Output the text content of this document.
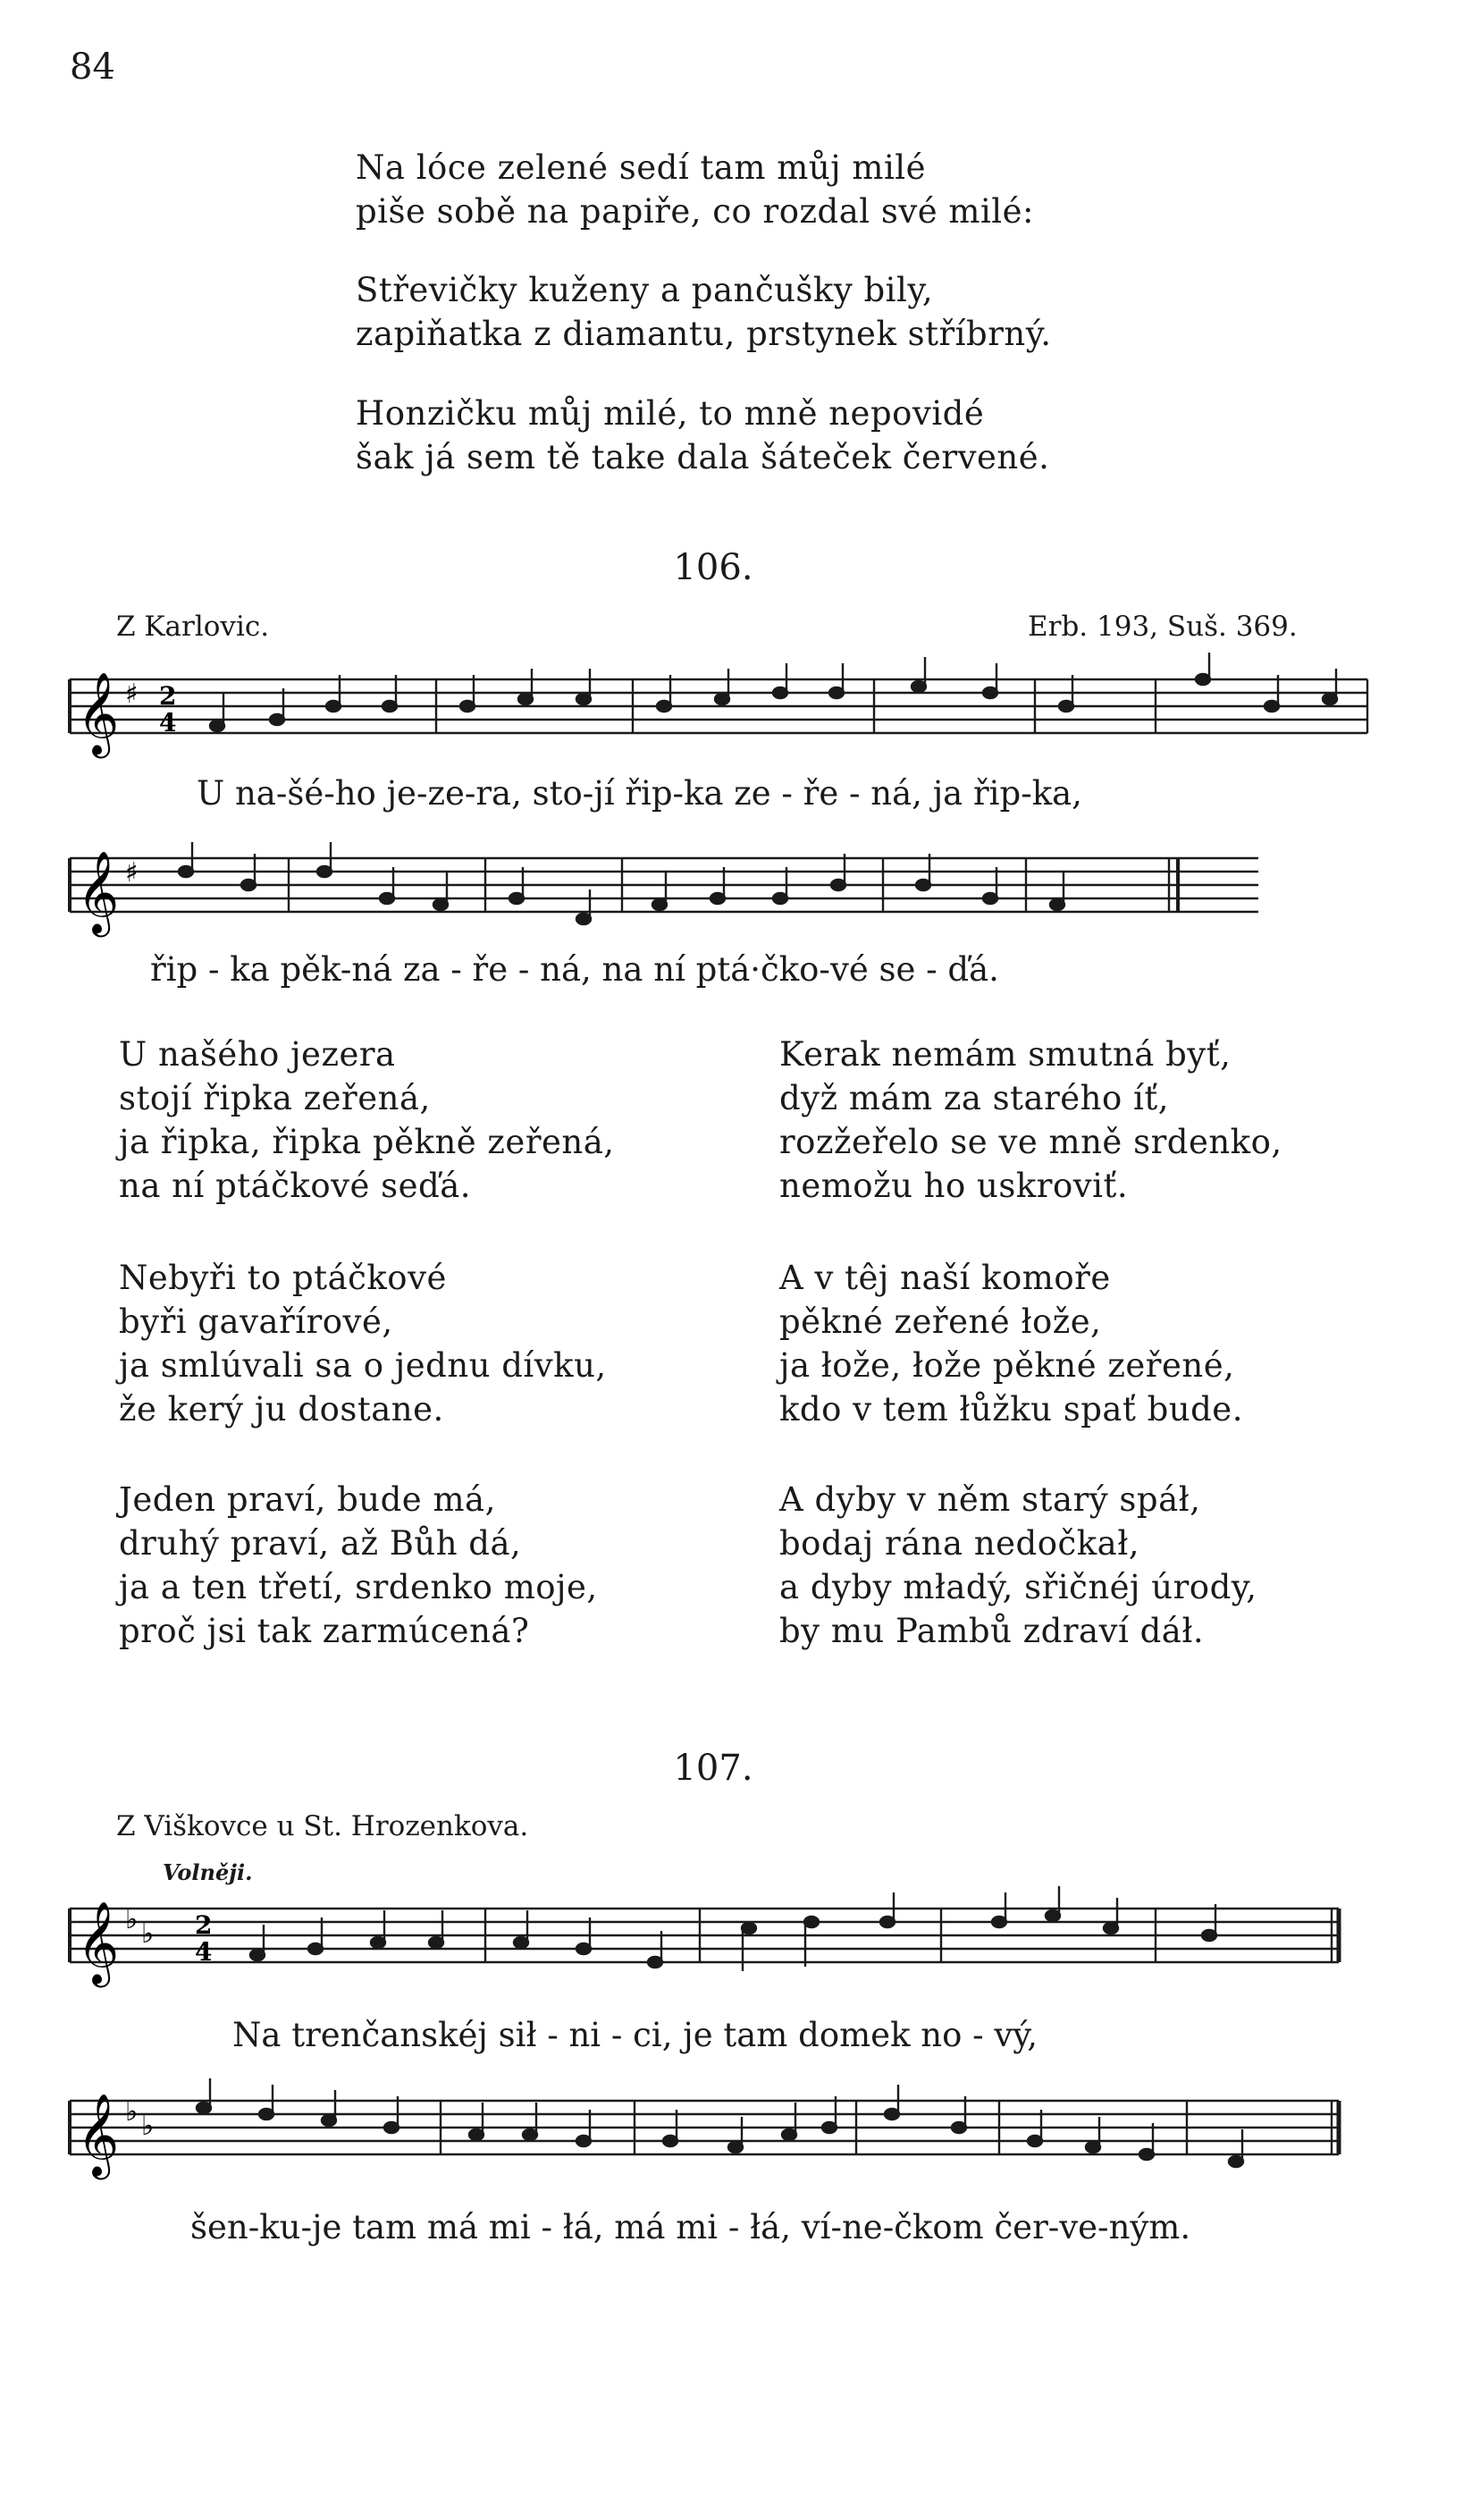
84
Na lóce zelené sedí tam můj milé
piše sobě na papiře, co rozdal své milé:
Střevičky kuženy a pančušky bily,
zapiňatka z diamantu, prstynek stříbrný.
Honzičku můj milé, to mně nepovidé
šak já sem tě take dala šáteček červené.
106.
Z Karlovic.	Erb. 193, Suš. 369.
𝄞 ♯ 2
4
U na-šé-ho je-ze-ra, sto-jí řip-ka ze - ře - ná, ja řip-ka,
𝄞 ♯
řip - ka pěk-ná za - ře - ná, na ní ptá·čko-vé se - ďá.
U našého jezera
stojí řipka zeřená,
ja řipka, řipka pěkně zeřená,
na ní ptáčkové seďá.
Nebyři to ptáčkové
byři gavařírové,
ja smlúvali sa o jednu dívku,
že kerý ju dostane.
Jeden praví, bude má,
druhý praví, až Bůh dá,
ja a ten třetí, srdenko moje,
proč jsi tak zarmúcená?
Kerak nemám smutná byť,
dyž mám za starého íť,
rozžeřelo se ve mně srdenko,
nemožu ho uskroviť.
A v têj naší komoře
pěkné zeřené łože,
ja łože, łože pěkné zeřené,
kdo v tem łůžku spať bude.
A dyby v něm starý spáł,
bodaj rána nedočkał,
a dyby mładý, sřičnéj úrody,
by mu Pambů zdraví dáł.
107.
Z Viškovce u St. Hrozenkova.
Volněji.
𝄞 ♭ ♭ 2
4
Na trenčanskéj sił - ni - ci, je tam domek no - vý,
𝄞 ♭ ♭
šen-ku-je tam má mi - łá, má mi - łá, ví-ne-čkom čer-ve-ným.
